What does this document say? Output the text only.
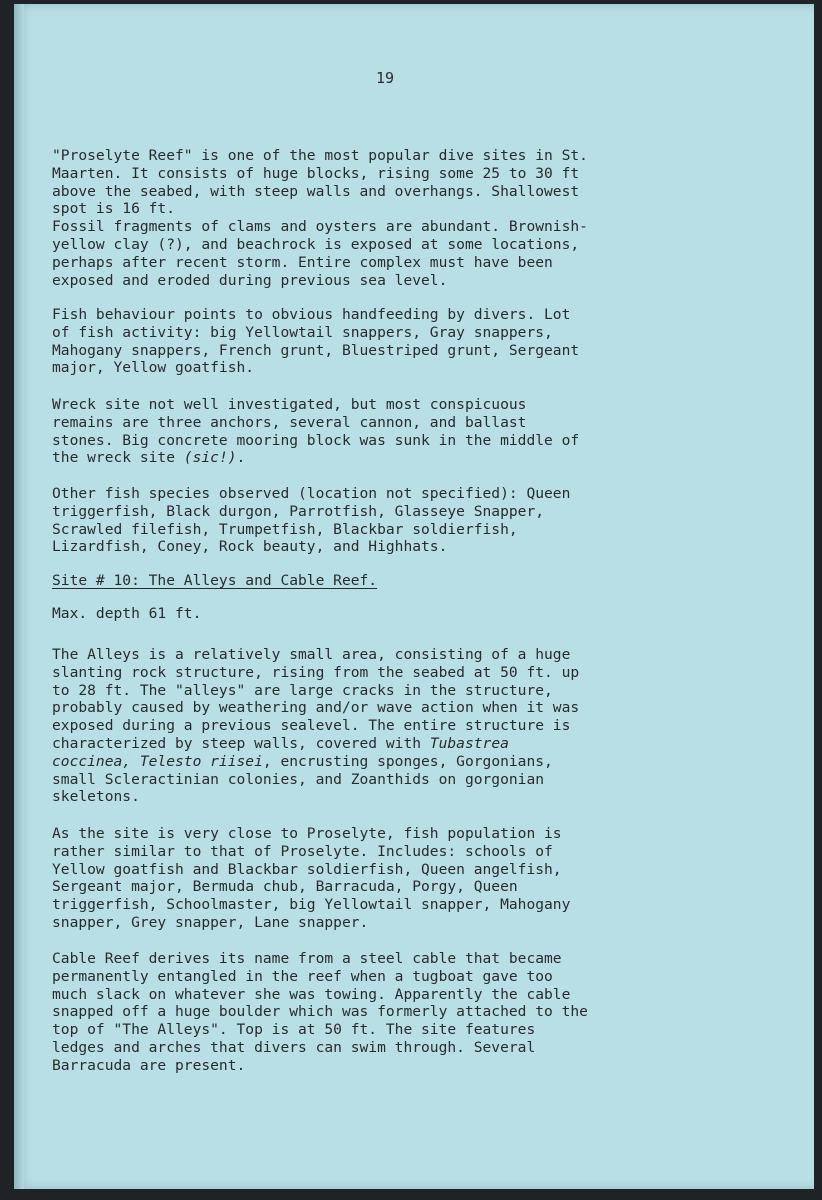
19

"Proselyte Reef" is one of the most popular dive sites in St.
Maarten. It consists of huge blocks, rising some 25 to 30 ft
above the seabed, with steep walls and overhangs. Shallowest
spot is 16 ft.
Fossil fragments of clams and oysters are abundant. Brownish-
yellow clay (?), and beachrock is exposed at some locations,
perhaps after recent storm. Entire complex must have been
exposed and eroded during previous sea level.

Fish behaviour points to obvious handfeeding by divers. Lot
of fish activity: big Yellowtail snappers, Gray snappers,
Mahogany snappers, French grunt, Bluestriped grunt, Sergeant
major, Yellow goatfish.

Wreck site not well investigated, but most conspicuous
remains are three anchors, several cannon, and ballast
stones. Big concrete mooring block was sunk in the middle of
the wreck site (sic!).

Other fish species observed (location not specified): Queen
triggerfish, Black durgon, Parrotfish, Glasseye Snapper,
Scrawled filefish, Trumpetfish, Blackbar soldierfish,
Lizardfish, Coney, Rock beauty, and Highhats.

Site # 10: The Alleys and Cable Reef.

Max. depth 61 ft.

The Alleys is a relatively small area, consisting of a huge
slanting rock structure, rising from the seabed at 50 ft. up
to 28 ft. The "alleys" are large cracks in the structure,
probably caused by weathering and/or wave action when it was
exposed during a previous sealevel. The entire structure is
characterized by steep walls, covered with Tubastrea
coccinea, Telesto riisei, encrusting sponges, Gorgonians,
small Scleractinian colonies, and Zoanthids on gorgonian
skeletons.

As the site is very close to Proselyte, fish population is
rather similar to that of Proselyte. Includes: schools of
Yellow goatfish and Blackbar soldierfish, Queen angelfish,
Sergeant major, Bermuda chub, Barracuda, Porgy, Queen
triggerfish, Schoolmaster, big Yellowtail snapper, Mahogany
snapper, Grey snapper, Lane snapper.

Cable Reef derives its name from a steel cable that became
permanently entangled in the reef when a tugboat gave too
much slack on whatever she was towing. Apparently the cable
snapped off a huge boulder which was formerly attached to the
top of "The Alleys". Top is at 50 ft. The site features
ledges and arches that divers can swim through. Several
Barracuda are present.
